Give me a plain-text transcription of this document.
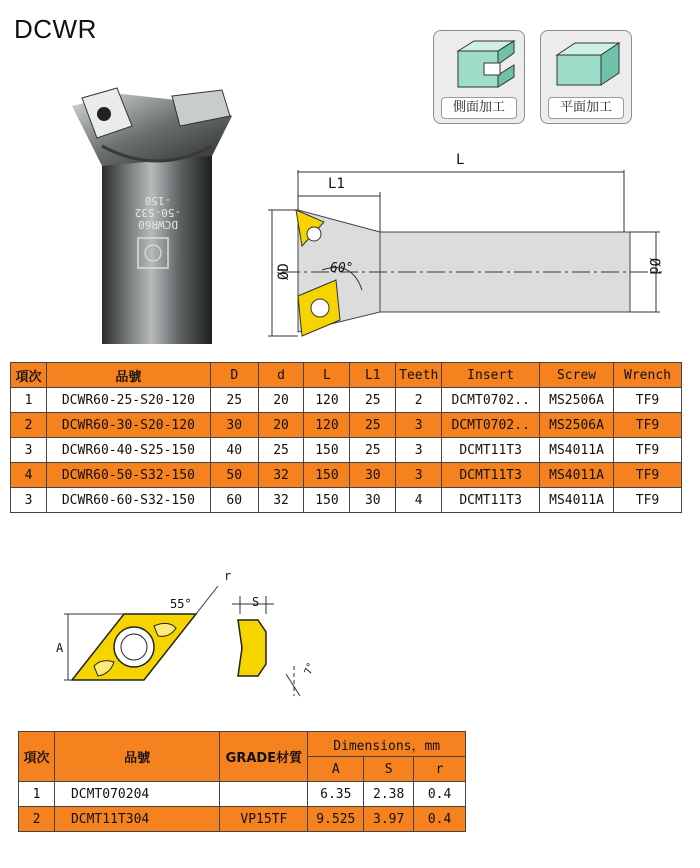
DCWR
DCWR60
-50-S32
-150
側面加工	平面加工
L
L1
ØD	Ød
60°
項次	品號	D	d	L	L1	Teeth	Insert	Screw	Wrench
1	DCWR60-25-S20-120	25	20	120	25	2	DCMT0702..	MS2506A	TF9
2	DCWR60-30-S20-120	30	20	120	25	3	DCMT0702..	MS2506A	TF9
3	DCWR60-40-S25-150	40	25	150	25	3	DCMT11T3	MS4011A	TF9
4	DCWR60-50-S32-150	50	32	150	30	3	DCMT11T3	MS4011A	TF9
3	DCWR60-60-S32-150	60	32	150	30	4	DCMT11T3	MS4011A	TF9
A
55°
r
S
7°
項次	品號	GRADE材質	Dimensions，mm		
			A	S	r
1	DCMT070204		6.35	2.38	0.4
2	DCMT11T304	VP15TF	9.525	3.97	0.4
